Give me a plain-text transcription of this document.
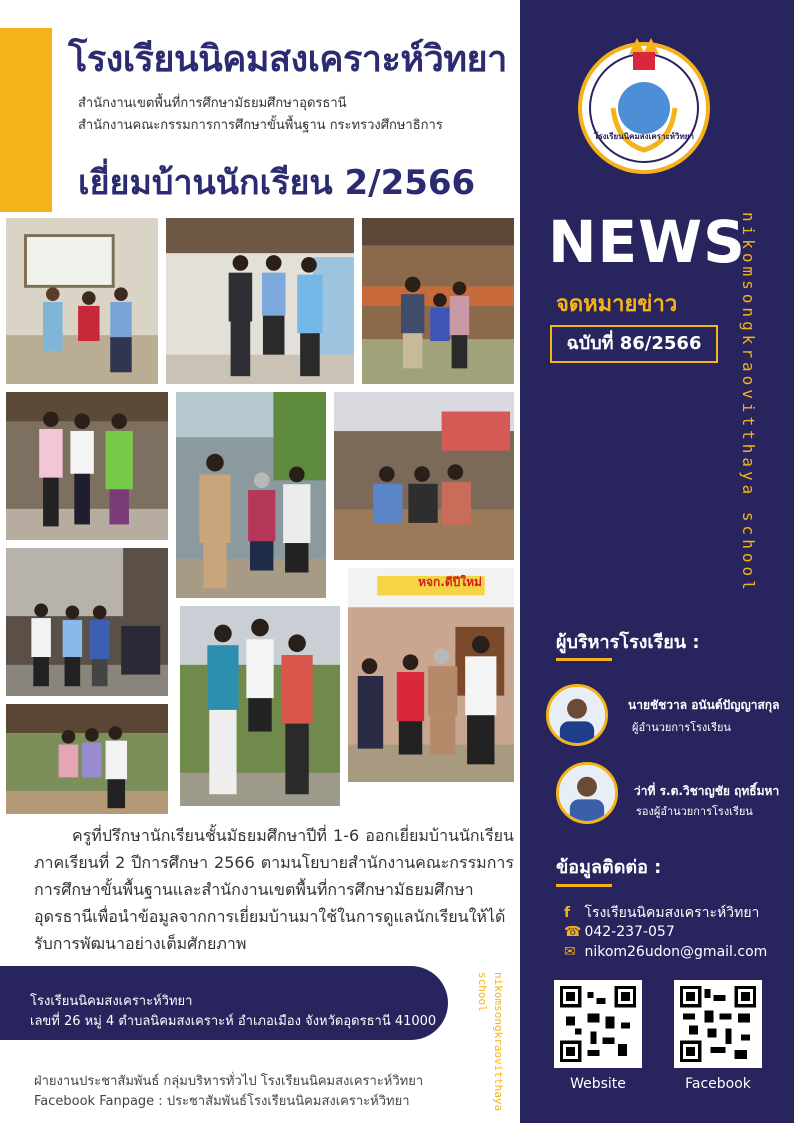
โรงเรียนนิคมสงเคราะห์วิทยา
สำนักงานเขตพื้นที่การศึกษามัธยมศึกษาอุดรธานี
สำนักงานคณะกรรมการการศึกษาขั้นพื้นฐาน กระทรวงศึกษาธิการ
เยี่ยมบ้านนักเรียน 2/2566
หจก.ดีปีใหม่
ครูที่ปรึกษานักเรียนชั้นมัธยมศึกษาปีที่ 1-6 ออกเยี่ยมบ้านนักเรียนภาคเรียนที่ 2 ปีการศึกษา 2566 ตามนโยบายสำนักงานคณะกรรมการการศึกษาขั้นพื้นฐานและสำนักงานเขตพื้นที่การศึกษามัธยมศึกษาอุดรธานีเพื่อนำข้อมูลจากการเยี่ยมบ้านมาใช้ในการดูแลนักเรียนให้ได้รับการพัฒนาอย่างเต็มศักยภาพ
โรงเรียนนิคมสงเคราะห์วิทยา
เลขที่ 26 หมู่ 4 ตำบลนิคมสงเคราะห์ อำเภอเมือง จังหวัดอุดรธานี 41000	nikomsongkraovitthaya school
ฝ่ายงานประชาสัมพันธ์ กลุ่มบริหารทั่วไป โรงเรียนนิคมสงเคราะห์วิทยา
Facebook Fanpage : ประชาสัมพันธ์โรงเรียนนิคมสงเคราะห์วิทยา
โรงเรียนนิคมสงเคราะห์วิทยา
NEWS
จดหมายข่าว
ฉบับที่ 86/2566	nikomsongkraovitthaya school
ผู้บริหารโรงเรียน :
นายชัชวาล อนันต์ปัญญาสกุล
ผู้อำนวยการโรงเรียน
ว่าที่ ร.ต.วิชาญชัย ฤทธิ์มหา
รองผู้อำนวยการโรงเรียน
ข้อมูลติดต่อ :
f โรงเรียนนิคมสงเคราะห์วิทยา
☎ 042-237-057
✉ nikom26udon@gmail.com
Website	Facebook
